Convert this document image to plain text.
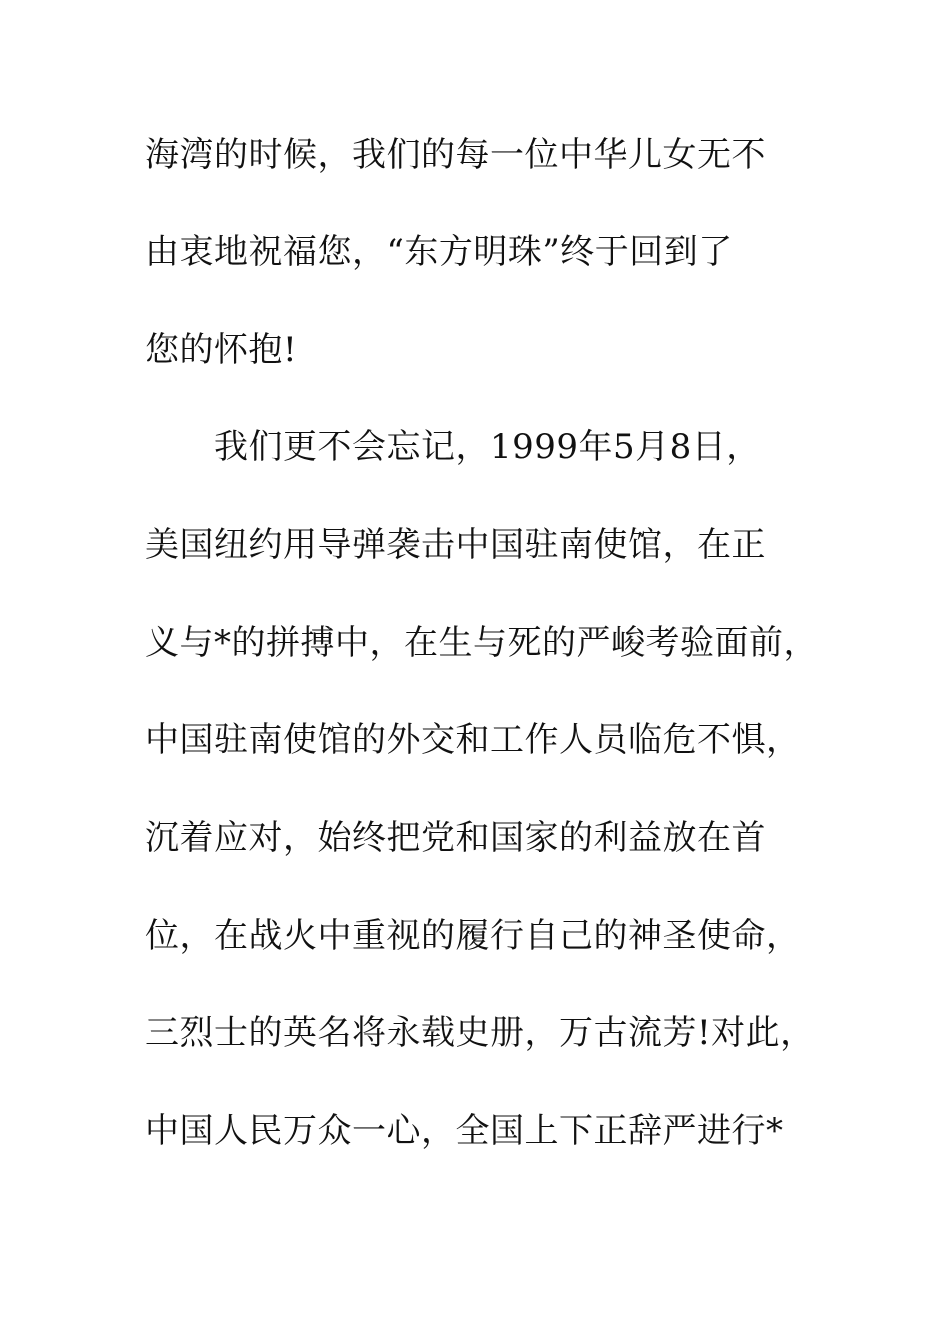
海湾的时候，我们的每一位中华儿女无不
由衷地祝福您，“东方明珠”终于回到了
您的怀抱!
我们更不会忘记，1999年5月8日，
美国纽约用导弹袭击中国驻南使馆，在正
义与*的拼搏中，在生与死的严峻考验面前，
中国驻南使馆的外交和工作人员临危不惧，
沉着应对，始终把党和国家的利益放在首
位，在战火中重视的履行自己的神圣使命，
三烈士的英名将永载史册，万古流芳!对此，
中国人民万众一心，全国上下正辞严进行*
